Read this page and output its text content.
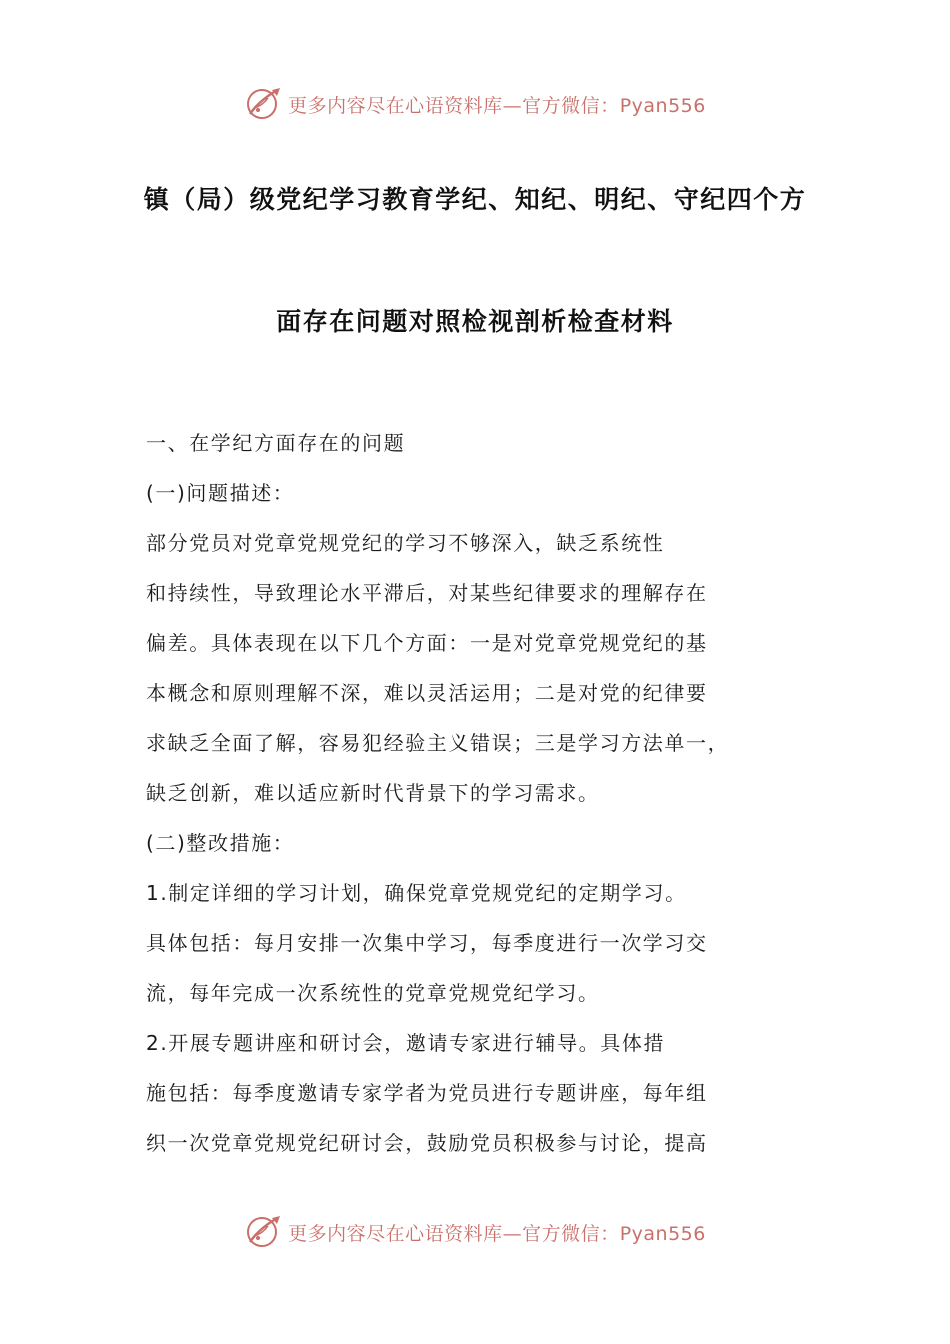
更多内容尽在心语资料库—官方微信：Pyan556
镇（局）级党纪学习教育学纪、知纪、明纪、守纪四个方
面存在问题对照检视剖析检查材料

一、在学纪方面存在的问题

(一)问题描述：

部分党员对党章党规党纪的学习不够深入，缺乏系统性

和持续性，导致理论水平滞后，对某些纪律要求的理解存在

偏差。具体表现在以下几个方面：一是对党章党规党纪的基

本概念和原则理解不深，难以灵活运用；二是对党的纪律要

求缺乏全面了解，容易犯经验主义错误；三是学习方法单一，

缺乏创新，难以适应新时代背景下的学习需求。

(二)整改措施：

1.制定详细的学习计划，确保党章党规党纪的定期学习。

具体包括：每月安排一次集中学习，每季度进行一次学习交

流，每年完成一次系统性的党章党规党纪学习。

2.开展专题讲座和研讨会，邀请专家进行辅导。具体措

施包括：每季度邀请专家学者为党员进行专题讲座，每年组

织一次党章党规党纪研讨会，鼓励党员积极参与讨论，提高

更多内容尽在心语资料库—官方微信：Pyan556
